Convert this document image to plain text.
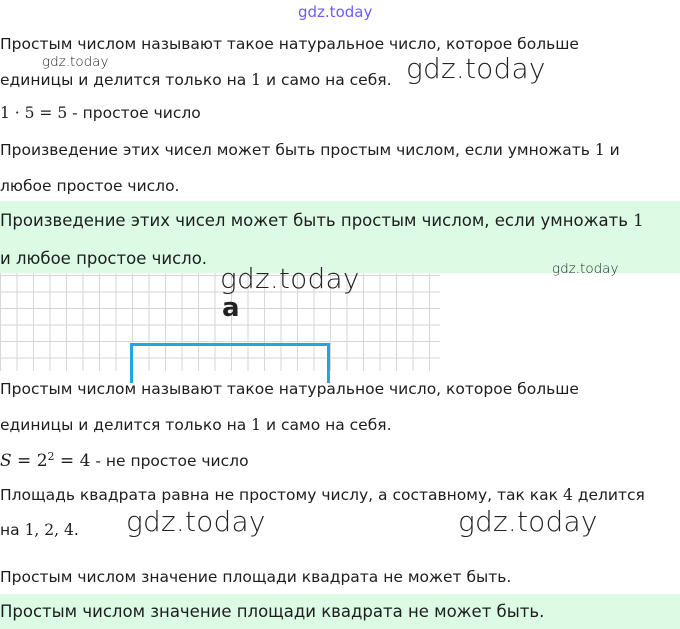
gdz.today
Простым числом называют такое натуральное число, которое больше
gdz.today
единицы и делится только на 1 и само на себя. gdz.today
1 · 5 = 5 - простое число
Произведение этих чисел может быть простым числом, если умножать 1 и
любое простое число.
Произведение этих чисел может быть простым числом, если умножать 1
и любое простое число.
a
gdz.today	gdz.today
Простым числом называют такое натуральное число, которое больше
единицы и делится только на 1 и само на себя.
$S = 2^2 = 4$ - не простое число
Площадь квадрата равна не простому числу, а составному, так как 4 делится
на 1, 2, 4. gdz.today	gdz.today
Простым числом значение площади квадрата не может быть.
Простым числом значение площади квадрата не может быть.
